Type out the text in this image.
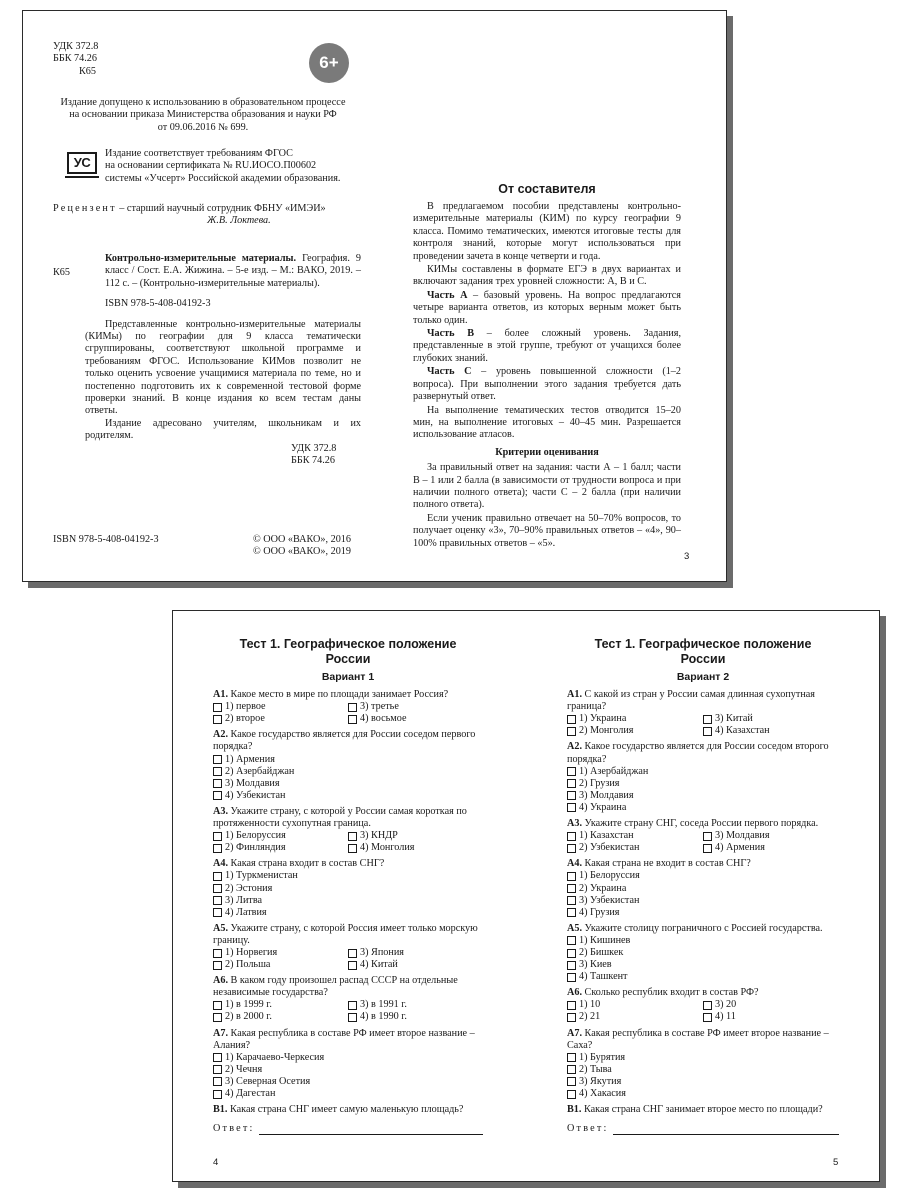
УДК 372.8
ББК 74.26
К65	6+
Издание допущено к использованию в образовательном процессе
на основании приказа Министерства образования и науки РФ
от 09.06.2016 № 699.
УС
Издание соответствует требованиям ФГОС
на основании сертификата № RU.ИОСО.П00602
системы «Учсерт» Российской академии образования.
Рецензент – старший научный сотрудник ФБНУ «ИМЭИ»
Ж.В. Локтева.
К65

Контрольно-измерительные материалы. География. 9 класс / Сост. Е.А. Жижина. – 5-е изд. – М.: ВАКО, 2019. – 112 с. – (Контрольно-измерительные материалы).

ISBN 978-5-408-04192-3

Представленные контрольно-измерительные материалы (КИМы) по географии для 9 класса тематически сгруппированы, соответствуют школьной программе и требованиям ФГОС. Использование КИМов позволит не только оценить усвоение учащимися материала по теме, но и постепенно подготовить их к современной тестовой форме проверки знаний. В конце издания ко всем тестам даны ответы.

Издание адресовано учителям, школьникам и их родителям.

УДК 372.8
ББК 74.26
ISBN 978-5-408-04192-3	© ООО «ВАКО», 2016
© ООО «ВАКО», 2019
От составителя

В предлагаемом пособии представлены контрольно-измерительные материалы (КИМ) по курсу географии 9 класса. Помимо тематических, имеются итоговые тесты для контроля знаний, которые могут использоваться при проведении зачета в конце четверти и года.

КИМы составлены в формате ЕГЭ в двух вариантах и включают задания трех уровней сложности: А, В и С.

Часть А – базовый уровень. На вопрос предлагаются четыре варианта ответов, из которых верным может быть только один.

Часть В – более сложный уровень. Задания, представленные в этой группе, требуют от учащихся более глубоких знаний.

Часть С – уровень повышенной сложности (1–2 вопроса). При выполнении этого задания требуется дать развернутый ответ.

На выполнение тематических тестов отводится 15–20 мин, на выполнение итоговых – 40–45 мин. Разрешается использование атласов.

Критерии оценивания

За правильный ответ на задания: части А – 1 балл; части В – 1 или 2 балла (в зависимости от трудности вопроса и при наличии полного ответа); части С – 2 балла (при наличии полного ответа).

Если ученик правильно отвечает на 50–70% вопросов, то получает оценку «3», 70–90% правильных ответов – «4», 90–100% правильных ответов – «5».

3
Тест 1. Географическое положение
России
Вариант 1
А1. Какое место в мире по площади занимает Россия?
1) первое	3) третье
2) второе	4) восьмое
А2. Какое государство является для России соседом первого порядка?
1) Армения
2) Азербайджан
3) Молдавия
4) Узбекистан
А3. Укажите страну, с которой у России самая короткая по протяженности сухопутная граница.
1) Белоруссия	3) КНДР
2) Финляндия	4) Монголия
А4. Какая страна входит в состав СНГ?
1) Туркменистан
2) Эстония
3) Литва
4) Латвия
А5. Укажите страну, с которой Россия имеет только морскую границу.
1) Норвегия	3) Япония
2) Польша	4) Китай
А6. В каком году произошел распад СССР на отдельные независимые государства?
1) в 1999 г.	3) в 1991 г.
2) в 2000 г.	4) в 1990 г.
А7. Какая республика в составе РФ имеет второе название – Алания?
1) Карачаево-Черкесия
2) Чечня
3) Северная Осетия
4) Дагестан
В1. Какая страна СНГ имеет самую маленькую площадь?
Ответ:
4
Тест 1. Географическое положение
России
Вариант 2
А1. С какой из стран у России самая длинная сухопутная граница?
1) Украина	3) Китай
2) Монголия	4) Казахстан
А2. Какое государство является для России соседом второго порядка?
1) Азербайджан
2) Грузия
3) Молдавия
4) Украина
А3. Укажите страну СНГ, соседа России первого порядка.
1) Казахстан	3) Молдавия
2) Узбекистан	4) Армения
А4. Какая страна не входит в состав СНГ?
1) Белоруссия
2) Украина
3) Узбекистан
4) Грузия
А5. Укажите столицу пограничного с Россией государства.
1) Кишинев
2) Бишкек
3) Киев
4) Ташкент
А6. Сколько республик входит в состав РФ?
1) 10	3) 20
2) 21	4) 11
А7. Какая республика в составе РФ имеет второе название – Саха?
1) Бурятия
2) Тыва
3) Якутия
4) Хакасия
В1. Какая страна СНГ занимает второе место по площади?
Ответ:
5
